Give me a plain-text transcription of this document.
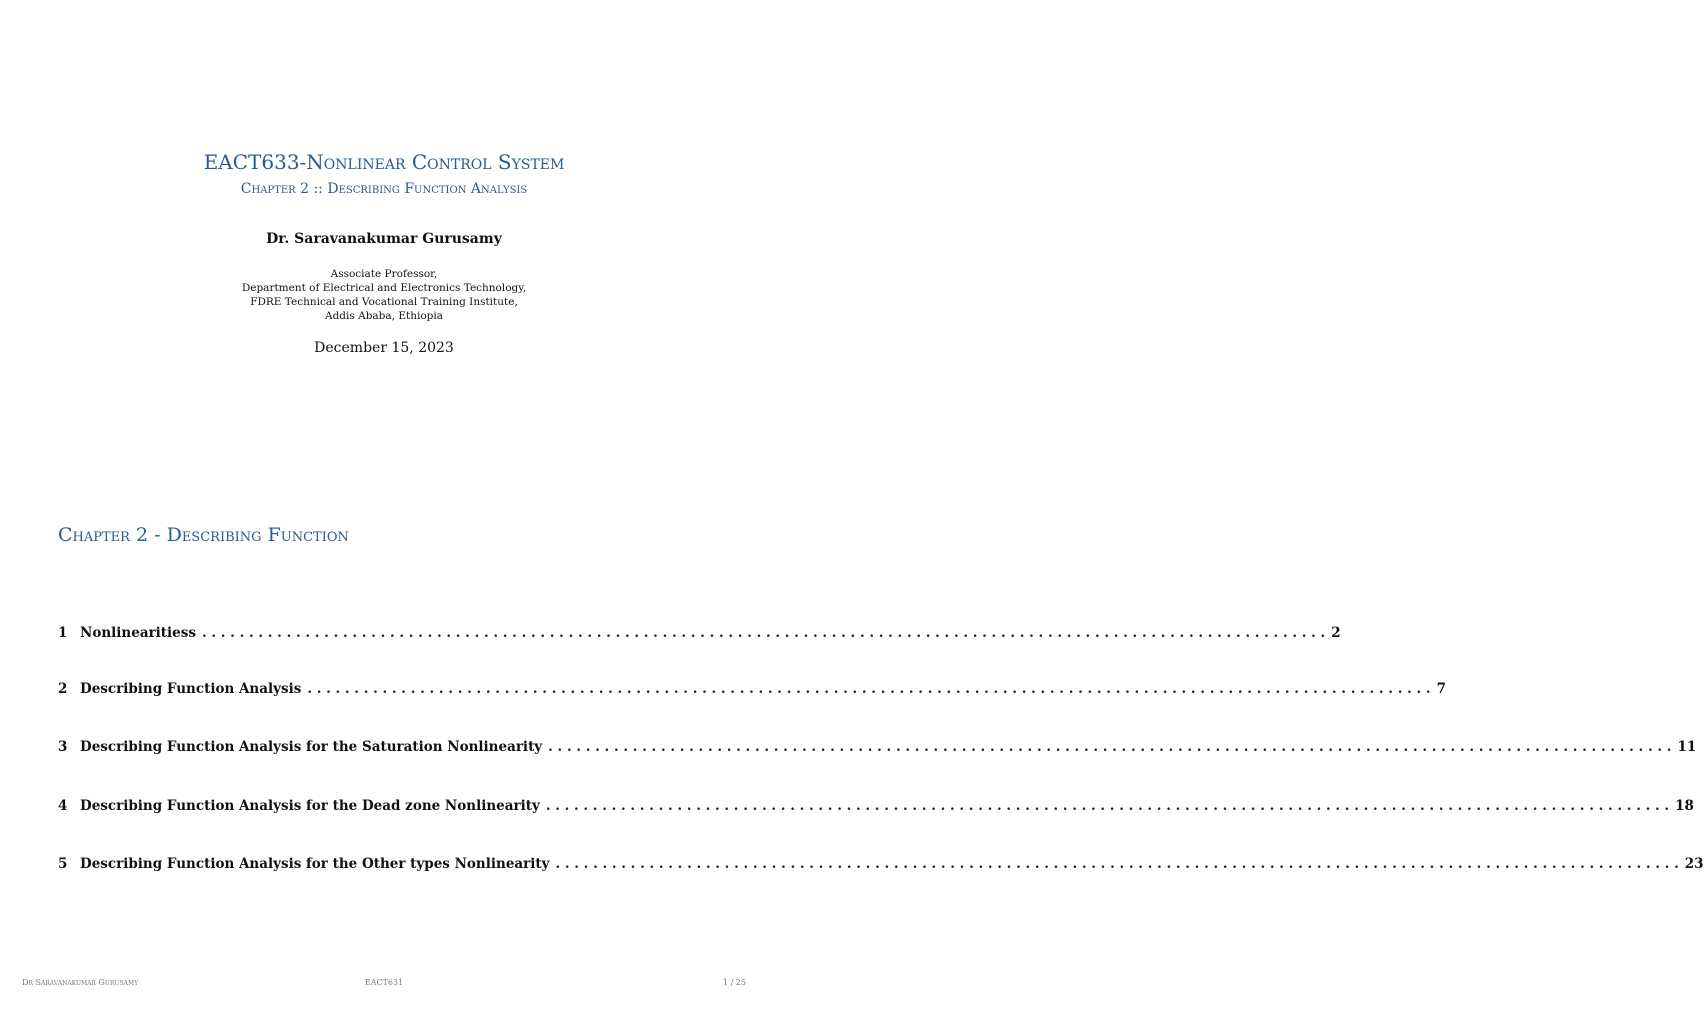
EACT633-Nonlinear Control System
Chapter 2 :: Describing Function Analysis
Dr. Saravanakumar Gurusamy
Associate Professor,
Department of Electrical and Electronics Technology,
FDRE Technical and Vocational Training Institute,
Addis Ababa, Ethiopia
December 15, 2023
Chapter 2 - Describing Function
1 Nonlinearitiess . . . . . . . . . . . . . . . . . . . . . . . . . . . . . . . . . . . . . . . . . . . . . . . . . . . . . . . . . . . . . . . . . . . . . . . . . . . . . . . . . . . . . . . . . . . . . . . . . . . . . . . . . . . . . . . . . . . . . . . . 2
2 Describing Function Analysis . . . . . . . . . . . . . . . . . . . . . . . . . . . . . . . . . . . . . . . . . . . . . . . . . . . . . . . . . . . . . . . . . . . . . . . . . . . . . . . . . . . . . . . . . . . . . . . . . . . . . . . . . . . . . . . . . . . . . . . . 7
3 Describing Function Analysis for the Saturation Nonlinearity . . . . . . . . . . . . . . . . . . . . . . . . . . . . . . . . . . . . . . . . . . . . . . . . . . . . . . . . . . . . . . . . . . . . . . . . . . . . . . . . . . . . . . . . . . . . . . . . . . . . . . . . . . . . . . . . . . . . . . . . 11
4 Describing Function Analysis for the Dead zone Nonlinearity . . . . . . . . . . . . . . . . . . . . . . . . . . . . . . . . . . . . . . . . . . . . . . . . . . . . . . . . . . . . . . . . . . . . . . . . . . . . . . . . . . . . . . . . . . . . . . . . . . . . . . . . . . . . . . . . . . . . . . . . 18
5 Describing Function Analysis for the Other types Nonlinearity . . . . . . . . . . . . . . . . . . . . . . . . . . . . . . . . . . . . . . . . . . . . . . . . . . . . . . . . . . . . . . . . . . . . . . . . . . . . . . . . . . . . . . . . . . . . . . . . . . . . . . . . . . . . . . . . . . . . . . . . 23
Dr Saravanakumar Gurusamy	EACT631	1 / 25
